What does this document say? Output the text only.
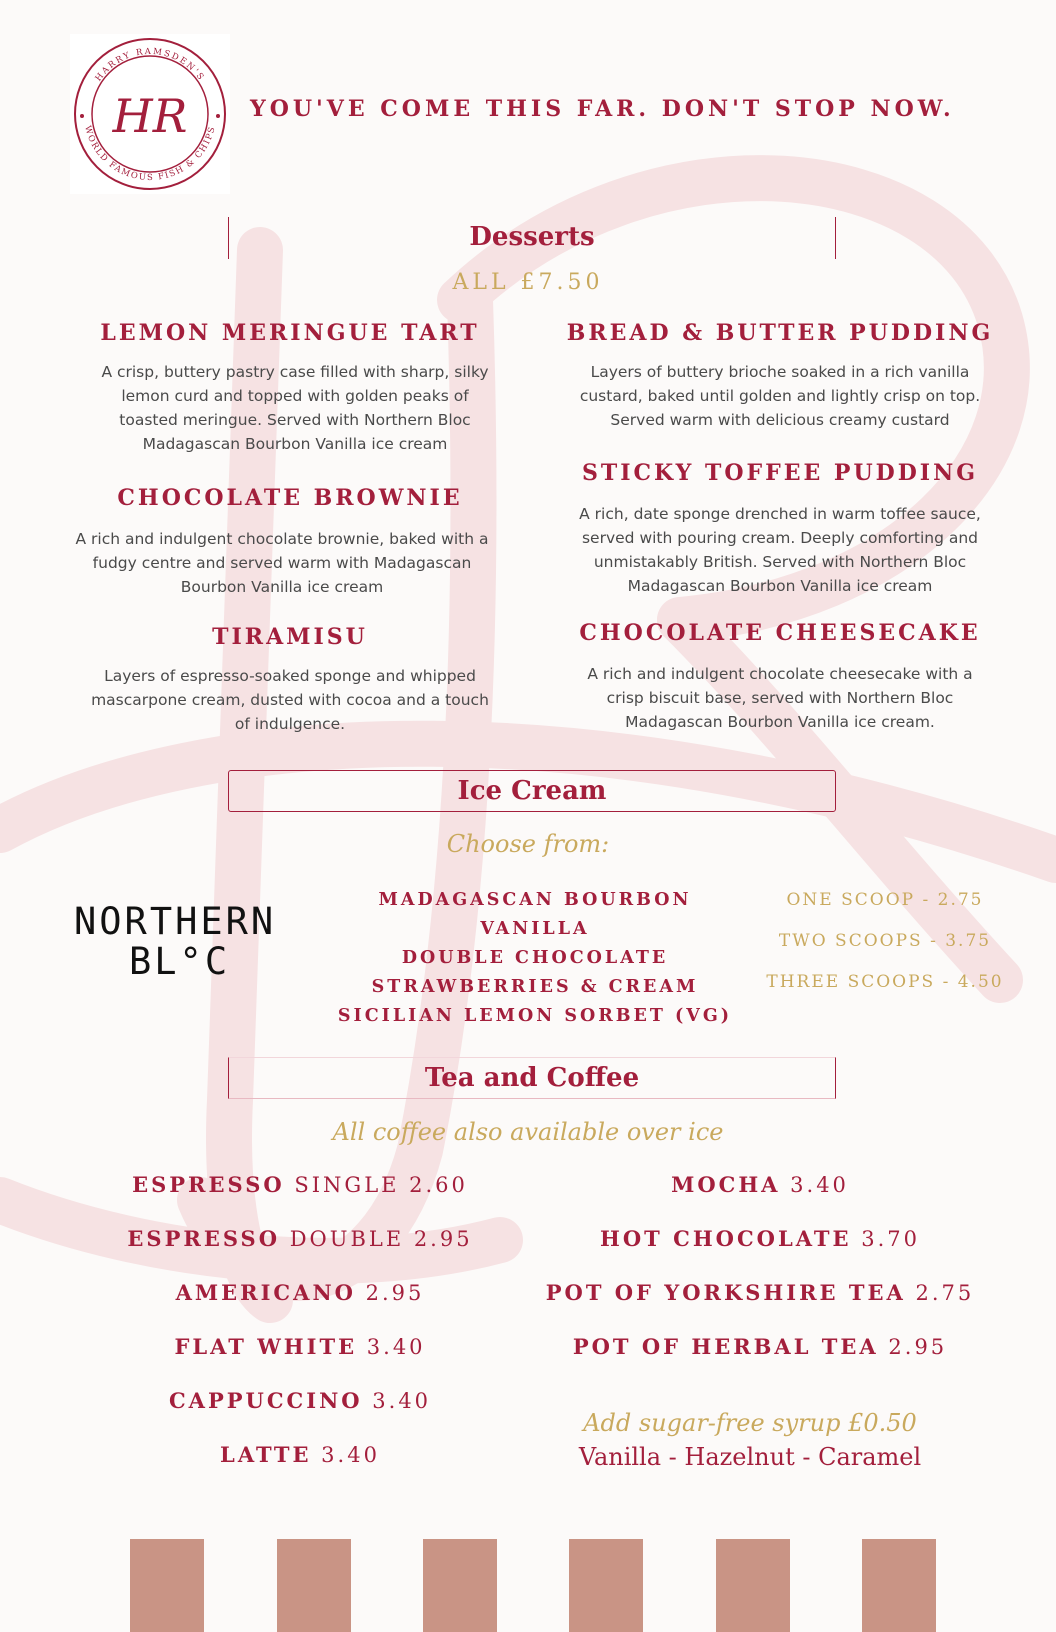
HARRY RAMSDEN'S
WORLD FAMOUS FISH & CHIPS
HR	YOU'VE COME THIS FAR. DON'T STOP NOW.
Desserts
ALL £7.50
LEMON MERINGUE TART
A crisp, buttery pastry case filled with sharp, silky lemon curd and topped with golden peaks of toasted meringue. Served with Northern Bloc Madagascan Bourbon Vanilla ice cream
CHOCOLATE BROWNIE
A rich and indulgent chocolate brownie, baked with a fudgy centre and served warm with Madagascan Bourbon Vanilla ice cream
TIRAMISU
Layers of espresso-soaked sponge and whipped mascarpone cream, dusted with cocoa and a touch of indulgence.
BREAD & BUTTER PUDDING
Layers of buttery brioche soaked in a rich vanilla custard, baked until golden and lightly crisp on top. Served warm with delicious creamy custard
STICKY TOFFEE PUDDING
A rich, date sponge drenched in warm toffee sauce, served with pouring cream. Deeply comforting and unmistakably British. Served with Northern Bloc Madagascan Bourbon Vanilla ice cream
CHOCOLATE CHEESECAKE
A rich and indulgent chocolate cheesecake with a crisp biscuit base, served with Northern Bloc Madagascan Bourbon Vanilla ice cream.
Ice Cream
Choose from:
NORTHERN
BL°C
MADAGASCAN BOURBON VANILLA
DOUBLE CHOCOLATE
STRAWBERRIES & CREAM
SICILIAN LEMON SORBET (VG)
ONE SCOOP - 2.75
TWO SCOOPS - 3.75
THREE SCOOPS - 4.50
Tea and Coffee
All coffee also available over ice
ESPRESSO SINGLE 2.60
ESPRESSO DOUBLE 2.95
AMERICANO 2.95
FLAT WHITE 3.40
CAPPUCCINO 3.40
LATTE 3.40
MOCHA 3.40
HOT CHOCOLATE 3.70
POT OF YORKSHIRE TEA 2.75
POT OF HERBAL TEA 2.95
Add sugar-free syrup £0.50
Vanilla - Hazelnut - Caramel
